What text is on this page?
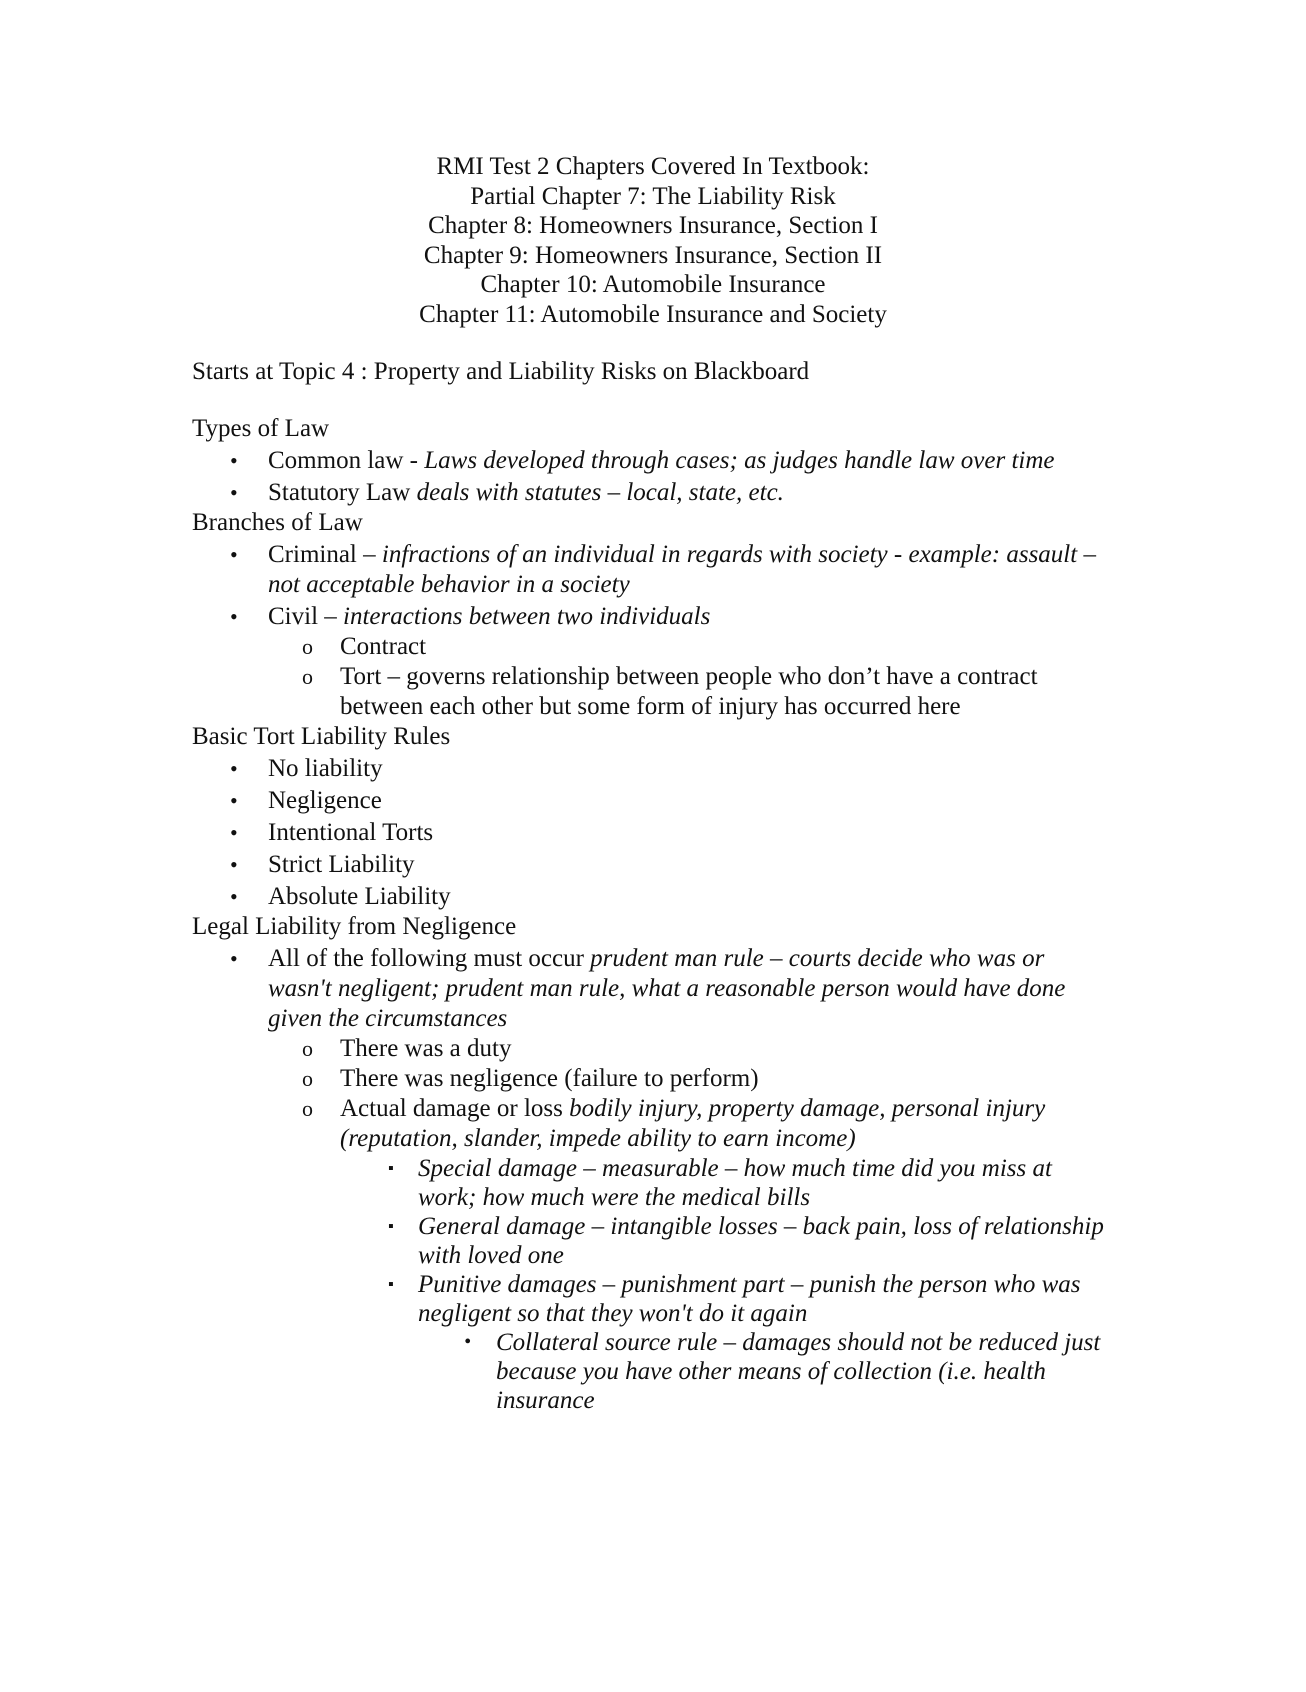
RMI Test 2 Chapters Covered In Textbook:
Partial Chapter 7: The Liability Risk
Chapter 8: Homeowners Insurance, Section I
Chapter 9: Homeowners Insurance, Section II
Chapter 10: Automobile Insurance
Chapter 11: Automobile Insurance and Society
Starts at Topic 4 : Property and Liability Risks on Blackboard

Types of Law

• Common law - Laws developed through cases; as judges handle law over time
• Statutory Law deals with statutes – local, state, etc.

Branches of Law

• Criminal – infractions of an individual in regards with society - example: assault – not acceptable behavior in a society
• Civil – interactions between two individuals
o Contract
o Tort – governs relationship between people who don’t have a contract between each other but some form of injury has occurred here

Basic Tort Liability Rules

• No liability
• Negligence
• Intentional Torts
• Strict Liability
• Absolute Liability

Legal Liability from Negligence

• All of the following must occur prudent man rule – courts decide who was or wasn't negligent; prudent man rule, what a reasonable person would have done given the circumstances
o There was a duty
o There was negligence (failure to perform)
o Actual damage or loss bodily injury, property damage, personal injury (reputation, slander, impede ability to earn income)
▪ Special damage – measurable – how much time did you miss at work; how much were the medical bills
▪ General damage – intangible losses – back pain, loss of relationship with loved one
▪ Punitive damages – punishment part – punish the person who was negligent so that they won't do it again
• Collateral source rule – damages should not be reduced just because you have other means of collection (i.e. health insurance
